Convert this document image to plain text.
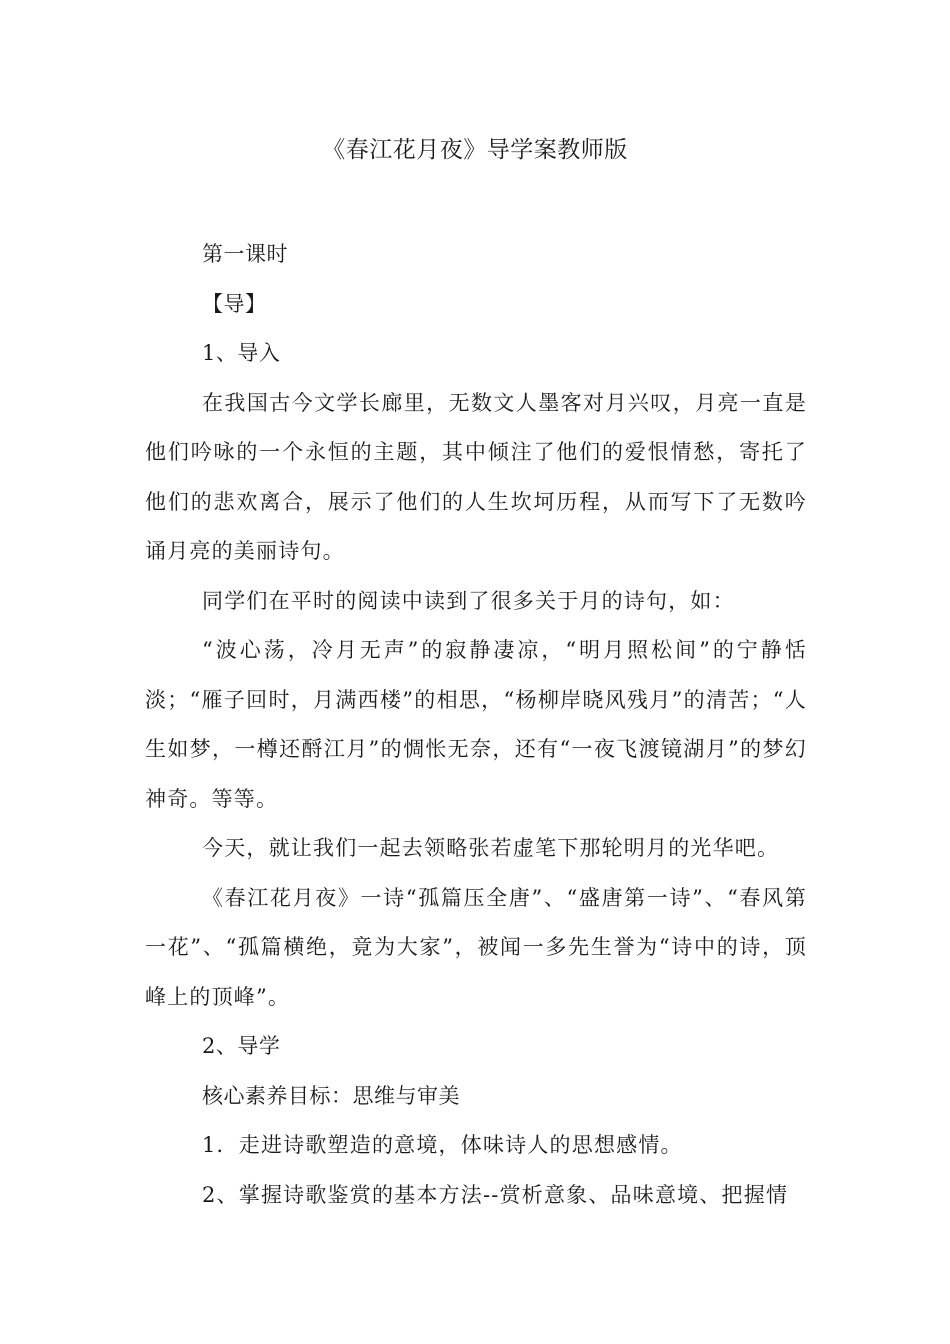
《春江花月夜》导学案教师版

第一课时

【导】

1、导入

在我国古今文学长廊里，无数文人墨客对月兴叹，月亮一直是他们吟咏的一个永恒的主题，其中倾注了他们的爱恨情愁，寄托了他们的悲欢离合，展示了他们的人生坎坷历程，从而写下了无数吟诵月亮的美丽诗句。

同学们在平时的阅读中读到了很多关于月的诗句，如：

“波心荡，冷月无声”的寂静凄凉，“明月照松间”的宁静恬淡；“雁子回时，月满西楼”的相思，“杨柳岸晓风残月”的清苦；“人生如梦，一樽还酹江月”的惆怅无奈，还有“一夜飞渡镜湖月”的梦幻神奇。等等。

今天，就让我们一起去领略张若虚笔下那轮明月的光华吧。

《春江花月夜》一诗“孤篇压全唐”、“盛唐第一诗”、“春风第一花”、“孤篇横绝，竟为大家”，被闻一多先生誉为“诗中的诗，顶峰上的顶峰”。

2、导学

核心素养目标：思维与审美

1．走进诗歌塑造的意境，体味诗人的思想感情。

2、掌握诗歌鉴赏的基本方法--赏析意象、品味意境、把握情
